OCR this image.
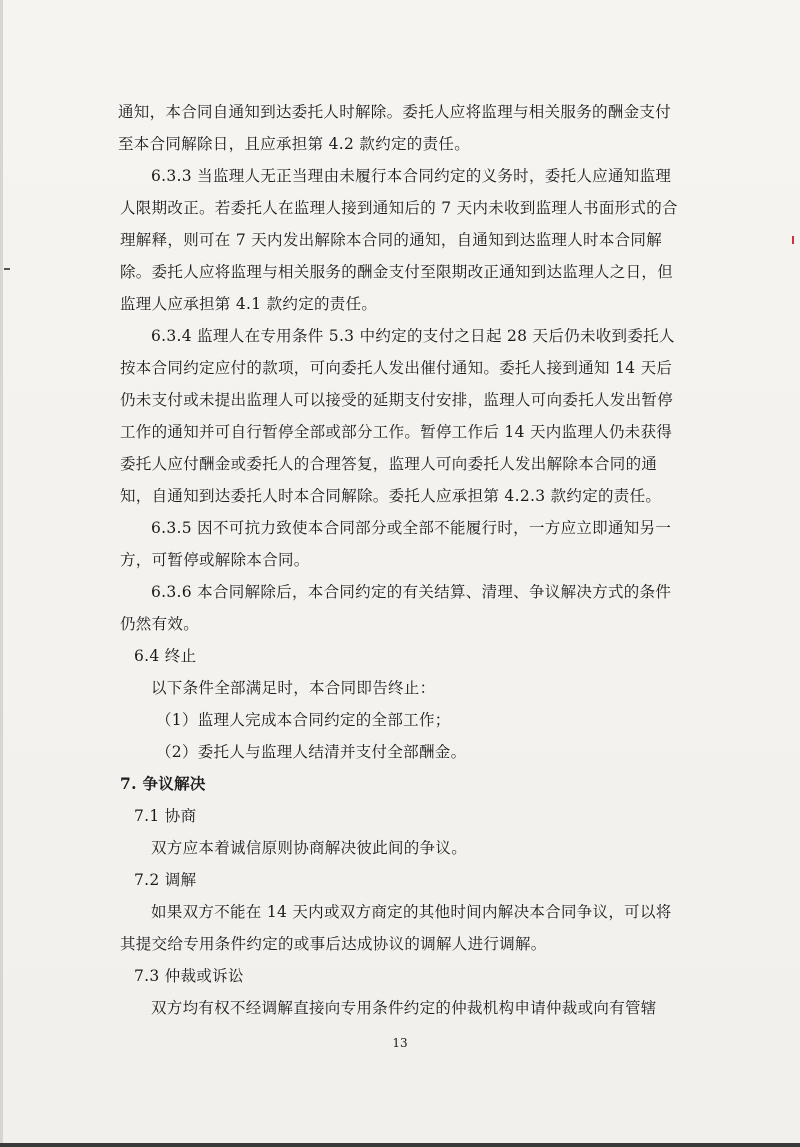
通知，本合同自通知到达委托人时解除。委托人应将监理与相关服务的酬金支付至本合同解除日，且应承担第 4.2 款约定的责任。

6.3.3 当监理人无正当理由未履行本合同约定的义务时，委托人应通知监理人限期改正。若委托人在监理人接到通知后的 7 天内未收到监理人书面形式的合理解释，则可在 7 天内发出解除本合同的通知，自通知到达监理人时本合同解除。委托人应将监理与相关服务的酬金支付至限期改正通知到达监理人之日，但监理人应承担第 4.1 款约定的责任。

6.3.4 监理人在专用条件 5.3 中约定的支付之日起 28 天后仍未收到委托人按本合同约定应付的款项，可向委托人发出催付通知。委托人接到通知 14 天后仍未支付或未提出监理人可以接受的延期支付安排，监理人可向委托人发出暂停工作的通知并可自行暂停全部或部分工作。暂停工作后 14 天内监理人仍未获得委托人应付酬金或委托人的合理答复，监理人可向委托人发出解除本合同的通知，自通知到达委托人时本合同解除。委托人应承担第 4.2.3 款约定的责任。

6.3.5 因不可抗力致使本合同部分或全部不能履行时，一方应立即通知另一方，可暂停或解除本合同。

6.3.6 本合同解除后，本合同约定的有关结算、清理、争议解决方式的条件仍然有效。

6.4 终止

以下条件全部满足时，本合同即告终止：

（1）监理人完成本合同约定的全部工作；

（2）委托人与监理人结清并支付全部酬金。

7. 争议解决

7.1 协商

双方应本着诚信原则协商解决彼此间的争议。

7.2 调解

如果双方不能在 14 天内或双方商定的其他时间内解决本合同争议，可以将其提交给专用条件约定的或事后达成协议的调解人进行调解。

7.3 仲裁或诉讼

双方均有权不经调解直接向专用条件约定的仲裁机构申请仲裁或向有管辖

13
